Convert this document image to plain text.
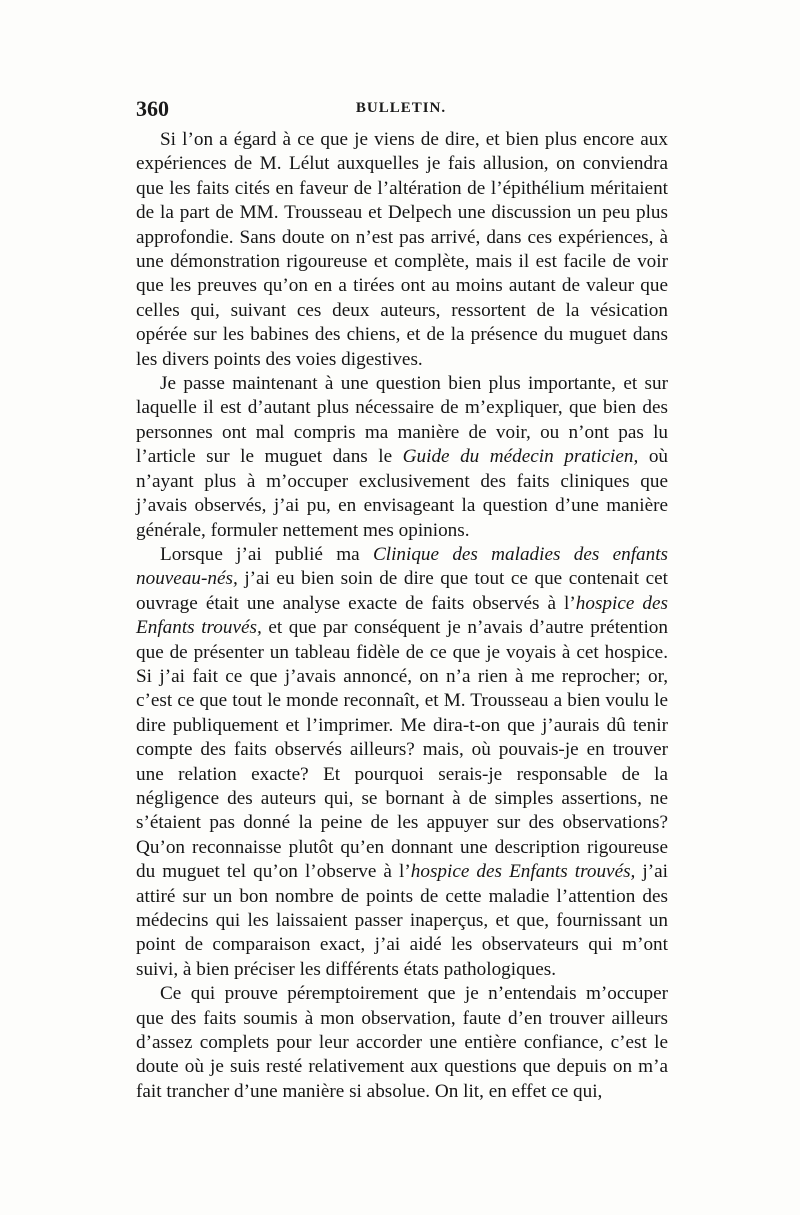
360	BULLETIN.

Si l’on a égard à ce que je viens de dire, et bien plus encore aux expériences de M. Lélut auxquelles je fais allusion, on conviendra que les faits cités en faveur de l’altération de l’épithélium méritaient de la part de MM. Trousseau et Delpech une discussion un peu plus approfondie. Sans doute on n’est pas arrivé, dans ces expériences, à une démonstration rigoureuse et complète, mais il est facile de voir que les preuves qu’on en a tirées ont au moins autant de valeur que celles qui, suivant ces deux auteurs, ressortent de la vésication opérée sur les babines des chiens, et de la présence du muguet dans les divers points des voies digestives.

Je passe maintenant à une question bien plus importante, et sur laquelle il est d’autant plus nécessaire de m’expliquer, que bien des personnes ont mal compris ma manière de voir, ou n’ont pas lu l’article sur le muguet dans le Guide du médecin praticien, où n’ayant plus à m’occuper exclusivement des faits cliniques que j’avais observés, j’ai pu, en envisageant la question d’une manière générale, formuler nettement mes opinions.

Lorsque j’ai publié ma Clinique des maladies des enfants nouveau-nés, j’ai eu bien soin de dire que tout ce que contenait cet ouvrage était une analyse exacte de faits observés à l’hospice des Enfants trouvés, et que par conséquent je n’avais d’autre prétention que de présenter un tableau fidèle de ce que je voyais à cet hospice. Si j’ai fait ce que j’avais annoncé, on n’a rien à me reprocher; or, c’est ce que tout le monde reconnaît, et M. Trousseau a bien voulu le dire publiquement et l’imprimer. Me dira-t-on que j’aurais dû tenir compte des faits observés ailleurs? mais, où pouvais-je en trouver une relation exacte? Et pourquoi serais-je responsable de la négligence des auteurs qui, se bornant à de simples assertions, ne s’étaient pas donné la peine de les appuyer sur des observations? Qu’on reconnaisse plutôt qu’en donnant une description rigoureuse du muguet tel qu’on l’observe à l’hospice des Enfants trouvés, j’ai attiré sur un bon nombre de points de cette maladie l’attention des médecins qui les laissaient passer inaperçus, et que, fournissant un point de comparaison exact, j’ai aidé les observateurs qui m’ont suivi, à bien préciser les différents états pathologiques.

Ce qui prouve péremptoirement que je n’entendais m’occuper que des faits soumis à mon observation, faute d’en trouver ailleurs d’assez complets pour leur accorder une entière confiance, c’est le doute où je suis resté relativement aux questions que depuis on m’a fait trancher d’une manière si absolue. On lit, en effet ce qui,
